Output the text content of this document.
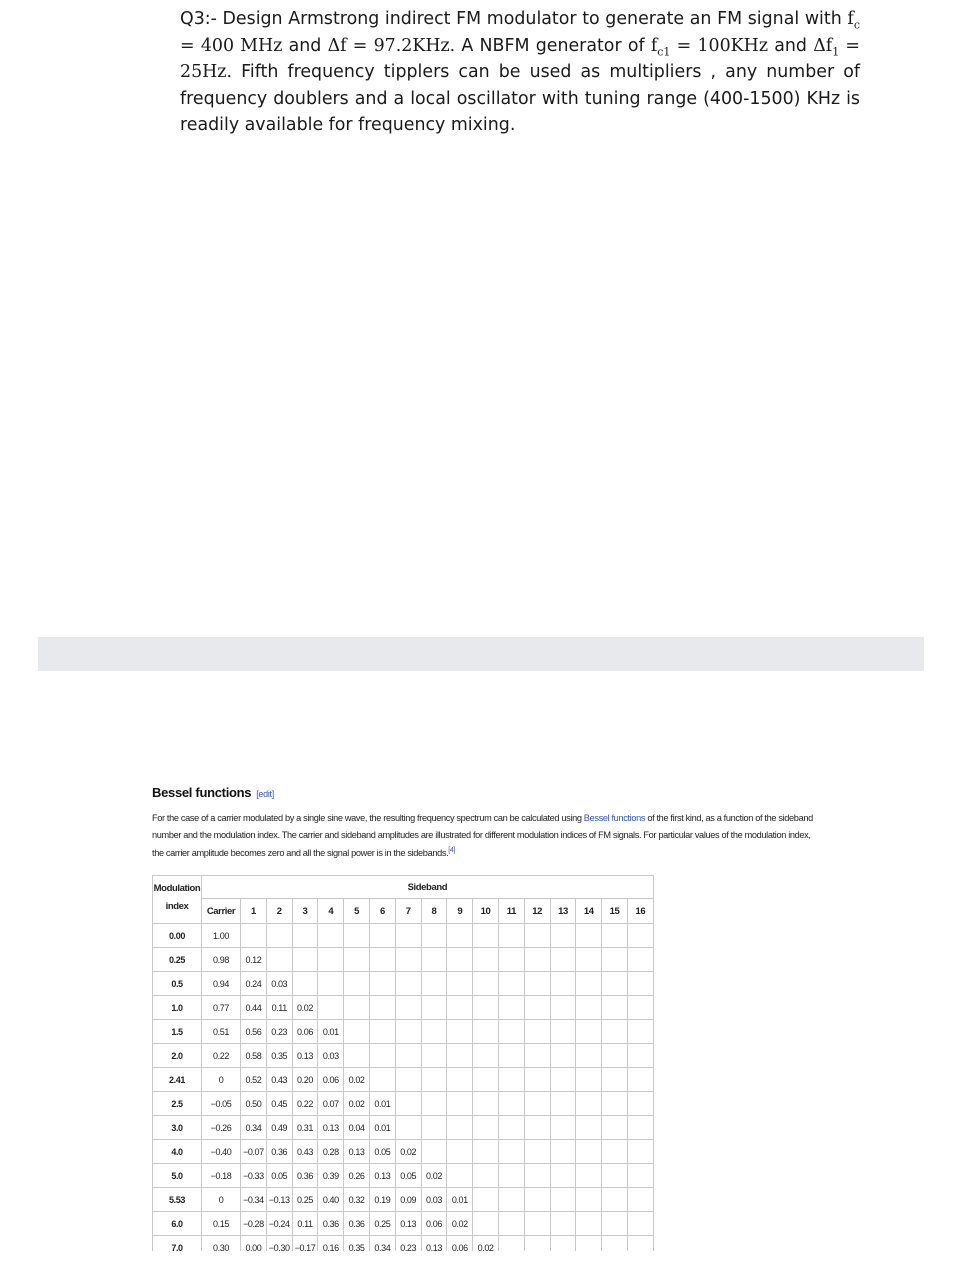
Q3:- Design Armstrong indirect FM modulator to generate an FM signal with $f_c = 400$ MHz and Δf = 97.2KHz. A NBFM generator of $f_{c1} = 100KHz$ and $\Delta f_1 = 25Hz$. Fifth frequency tipplers can be used as multipliers , any number of frequency doublers and a local oscillator with tuning range (400-1500) KHz is readily available for frequency mixing.
Bessel functions [edit]
For the case of a carrier modulated by a single sine wave, the resulting frequency spectrum can be calculated using Bessel functions of the first kind, as a function of the sideband number and the modulation index. The carrier and sideband amplitudes are illustrated for different modulation indices of FM signals. For particular values of the modulation index, the carrier amplitude becomes zero and all the signal power is in the sidebands.[4]
Modulation
index	Sideband																
	Carrier	1	2	3	4	5	6	7	8	9	10	11	12	13	14	15	16
0.00	1.00																
0.25	0.98	0.12															
0.5	0.94	0.24	0.03														
1.0	0.77	0.44	0.11	0.02													
1.5	0.51	0.56	0.23	0.06	0.01												
2.0	0.22	0.58	0.35	0.13	0.03												
2.41	0	0.52	0.43	0.20	0.06	0.02											
2.5	−0.05	0.50	0.45	0.22	0.07	0.02	0.01										
3.0	−0.26	0.34	0.49	0.31	0.13	0.04	0.01										
4.0	−0.40	−0.07	0.36	0.43	0.28	0.13	0.05	0.02									
5.0	−0.18	−0.33	0.05	0.36	0.39	0.26	0.13	0.05	0.02								
5.53	0	−0.34	−0.13	0.25	0.40	0.32	0.19	0.09	0.03	0.01							
6.0	0.15	−0.28	−0.24	0.11	0.36	0.36	0.25	0.13	0.06	0.02							
7.0	0.30	0.00	−0.30	−0.17	0.16	0.35	0.34	0.23	0.13	0.06	0.02						
